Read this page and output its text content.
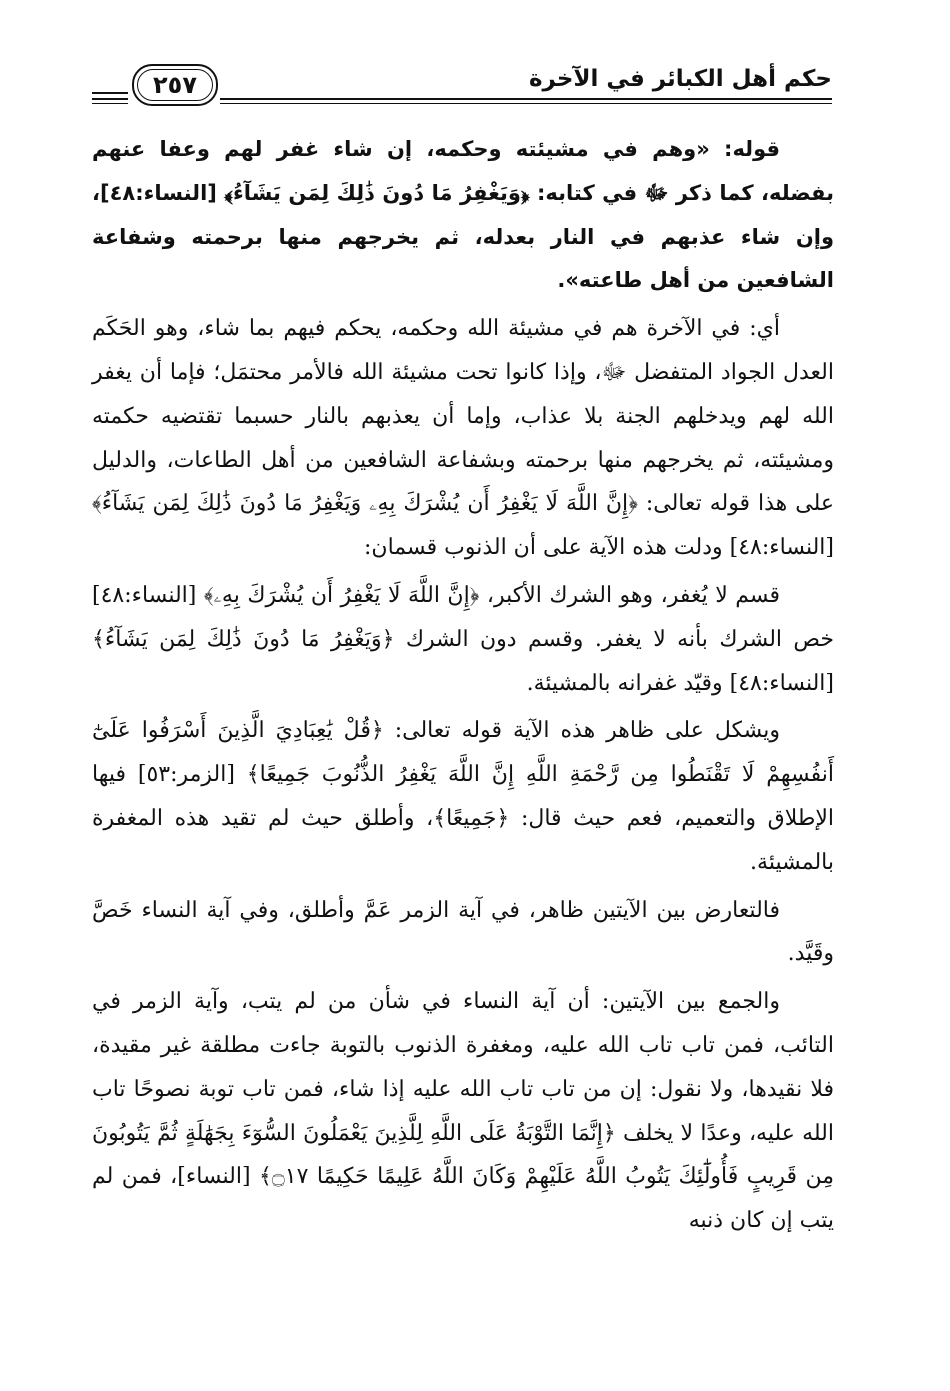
٢٥٧	حكم أهل الكبائر في الآخرة

قوله: «وهم في مشيئته وحكمه، إن شاء غفر لهم وعفا عنهم بفضله، كما ذكر ﷻ في كتابه: ﴿وَيَغْفِرُ مَا دُونَ ذَٰلِكَ لِمَن يَشَآءُ﴾ [النساء:٤٨]، وإن شاء عذبهم في النار بعدله، ثم يخرجهم منها برحمته وشفاعة الشافعين من أهل طاعته».

أي: في الآخرة هم في مشيئة الله وحكمه، يحكم فيهم بما شاء، وهو الحَكَم العدل الجواد المتفضل ﷻ، وإذا كانوا تحت مشيئة الله فالأمر محتمَل؛ فإما أن يغفر الله لهم ويدخلهم الجنة بلا عذاب، وإما أن يعذبهم بالنار حسبما تقتضيه حكمته ومشيئته، ثم يخرجهم منها برحمته وبشفاعة الشافعين من أهل الطاعات، والدليل على هذا قوله تعالى: ﴿إِنَّ اللَّهَ لَا يَغْفِرُ أَن يُشْرَكَ بِهِۦ وَيَغْفِرُ مَا دُونَ ذَٰلِكَ لِمَن يَشَآءُ﴾ [النساء:٤٨] ودلت هذه الآية على أن الذنوب قسمان:

قسم لا يُغفر، وهو الشرك الأكبر، ﴿إِنَّ اللَّهَ لَا يَغْفِرُ أَن يُشْرَكَ بِهِۦ﴾ [النساء:٤٨] خص الشرك بأنه لا يغفر. وقسم دون الشرك ﴿وَيَغْفِرُ مَا دُونَ ذَٰلِكَ لِمَن يَشَآءُ﴾ [النساء:٤٨] وقيّد غفرانه بالمشيئة.

ويشكل على ظاهر هذه الآية قوله تعالى: ﴿قُلْ يَٰعِبَادِيَ الَّذِينَ أَسْرَفُوا عَلَىٰٓ أَنفُسِهِمْ لَا تَقْنَطُوا مِن رَّحْمَةِ اللَّهِ إِنَّ اللَّهَ يَغْفِرُ الذُّنُوبَ جَمِيعًا﴾ [الزمر:٥٣] فيها الإطلاق والتعميم، فعم حيث قال: ﴿جَمِيعًا﴾، وأطلق حيث لم تقيد هذه المغفرة بالمشيئة.

فالتعارض بين الآيتين ظاهر، في آية الزمر عَمَّ وأطلق، وفي آية النساء خَصَّ وقَيَّد.

والجمع بين الآيتين: أن آية النساء في شأن من لم يتب، وآية الزمر في التائب، فمن تاب تاب الله عليه، ومغفرة الذنوب بالتوبة جاءت مطلقة غير مقيدة، فلا نقيدها، ولا نقول: إن من تاب تاب الله عليه إذا شاء، فمن تاب توبة نصوحًا تاب الله عليه، وعدًا لا يخلف ﴿إِنَّمَا التَّوْبَةُ عَلَى اللَّهِ لِلَّذِينَ يَعْمَلُونَ السُّوٓءَ بِجَهَٰلَةٍ ثُمَّ يَتُوبُونَ مِن قَرِيبٍ فَأُولَٰٓئِكَ يَتُوبُ اللَّهُ عَلَيْهِمْ وَكَانَ اللَّهُ عَلِيمًا حَكِيمًا ۝١٧﴾ [النساء]، فمن لم يتب إن كان ذنبه
